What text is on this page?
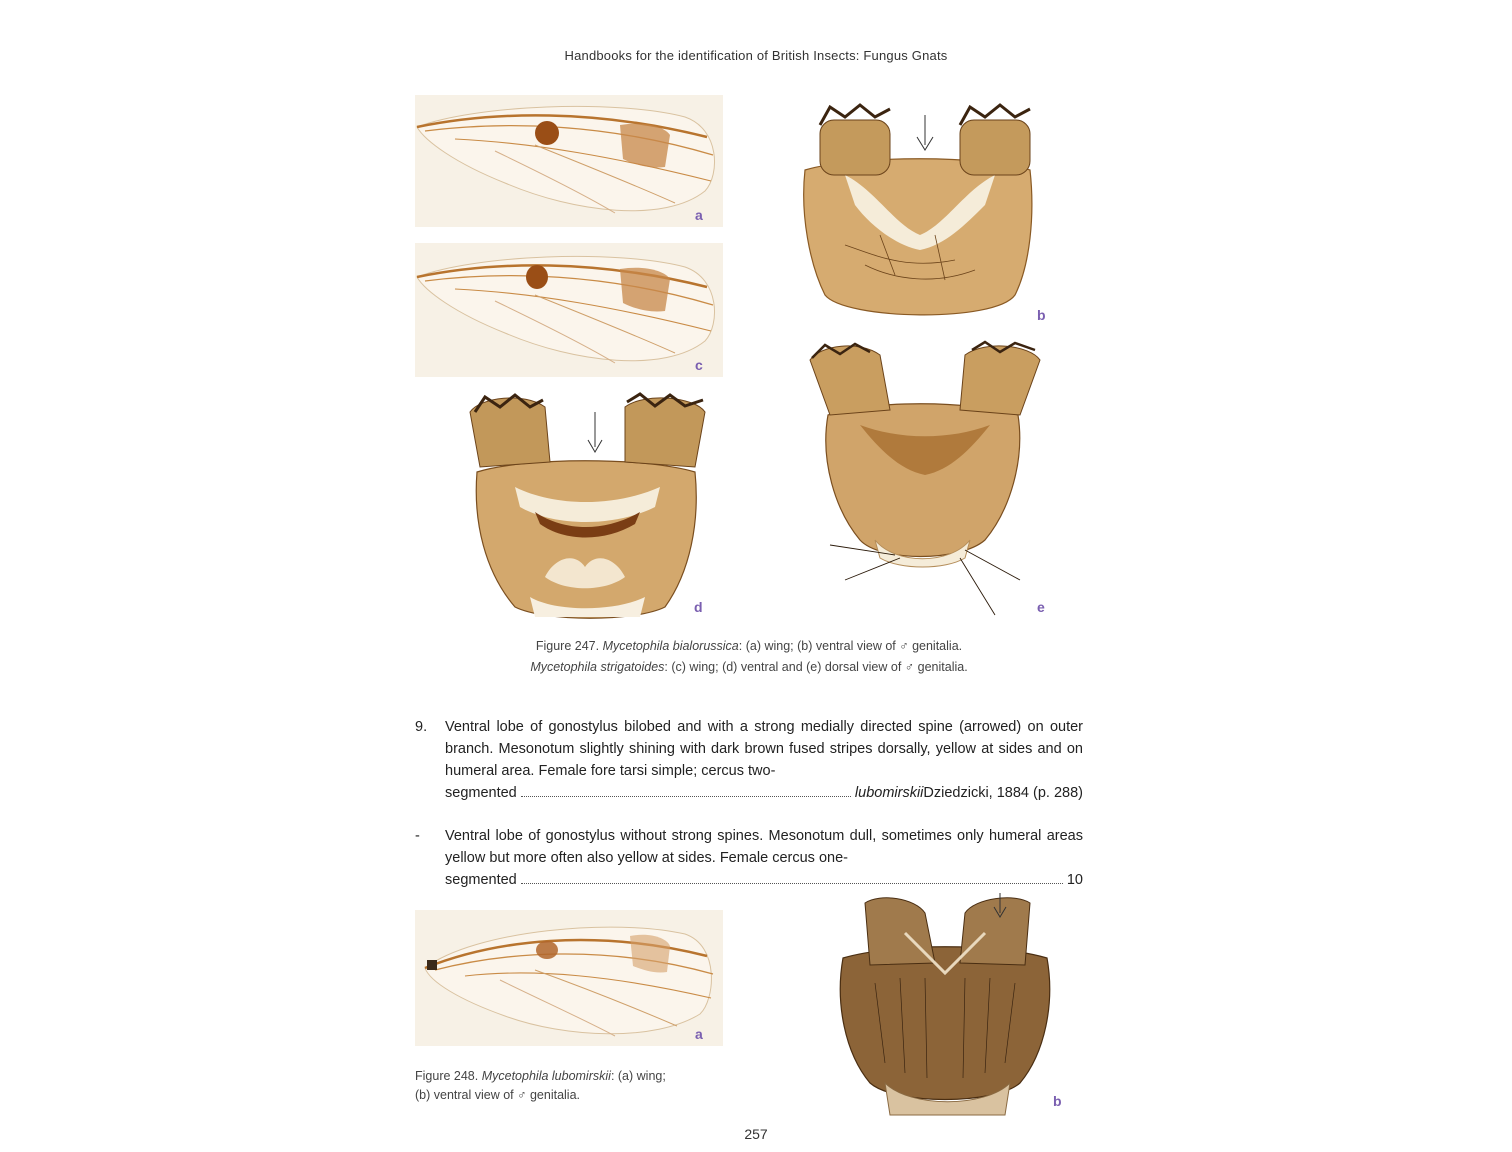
Handbooks for the identification of British Insects: Fungus Gnats
a
c
b
d	e
Figure 247. Mycetophila bialorussica: (a) wing; (b) ventral view of ♂ genitalia.
Mycetophila strigatoides: (c) wing; (d) ventral and (e) dorsal view of ♂ genitalia.
9.	Ventral lobe of gonostylus bilobed and with a strong medially directed spine (arrowed) on outer branch. Mesonotum slightly shining with dark brown fused stripes dorsally, yellow at sides and on humeral area. Female fore tarsi simple; cercus two-
segmented	lubomirskii Dziedzicki, 1884 (p. 288)
-	Ventral lobe of gonostylus without strong spines. Mesonotum dull, sometimes only humeral areas yellow but more often also yellow at sides. Female cercus one-
segmented	10
a
Figure 248. Mycetophila lubomirskii: (a) wing;
(b) ventral view of ♂ genitalia.	b
257
